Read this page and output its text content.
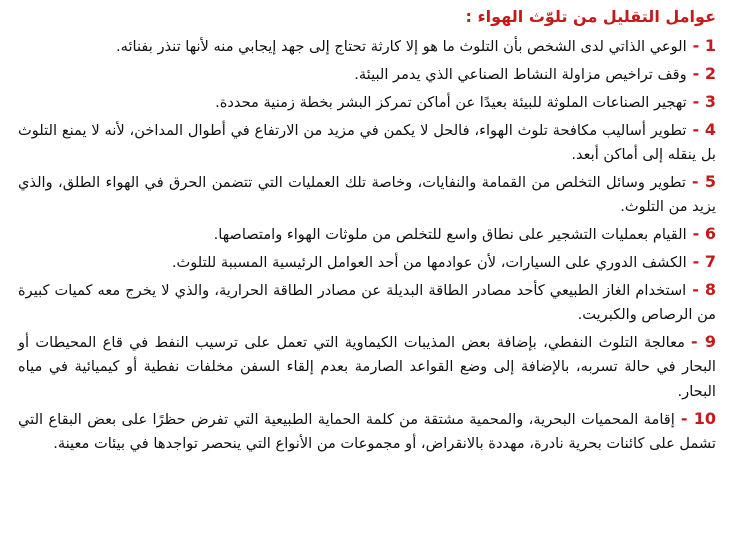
عوامل التقليل من تلوّث الهواء :
1 -الوعي الذاتي لدى الشخص بأن التلوث ما هو إلا كارثة تحتاج إلى جهد إيجابي منه لأنها تنذر بفنائه.
2 -وقف تراخيص مزاولة النشاط الصناعي الذي يدمر البيئة.
3 -تهجير الصناعات الملوثة للبيئة بعيدًا عن أماكن تمركز البشر بخطة زمنية محددة.
4 -تطوير أساليب مكافحة تلوث الهواء، فالحل لا يكمن في مزيد من الارتفاع في أطوال المداخن، لأنه لا يمنع التلوث بل ينقله إلى أماكن أبعد.
5 -تطوير وسائل التخلص من القمامة والنفايات، وخاصة تلك العمليات التي تتضمن الحرق في الهواء الطلق، والذي يزيد من التلوث.
6 -القيام بعمليات التشجير على نطاق واسع للتخلص من ملوثات الهواء وامتصاصها.
7 -الكشف الدوري على السيارات، لأن عوادمها من أحد العوامل الرئيسية المسببة للتلوث.
8 -استخدام الغاز الطبيعي كأحد مصادر الطاقة البديلة عن مصادر الطاقة الحرارية، والذي لا يخرج معه كميات كبيرة من الرصاص والكبريت.
9 -معالجة التلوث النفطي، بإضافة بعض المذيبات الكيماوية التي تعمل على ترسيب النفط في قاع المحيطات أو البحار في حالة تسربه، بالإضافة إلى وضع القواعد الصارمة بعدم إلقاء السفن مخلفات نفطية أو كيميائية في مياه البحار.
10 -إقامة المحميات البحرية، والمحمية مشتقة من كلمة الحماية الطبيعية التي تفرض حظرًا على بعض البقاع التي تشمل على كائنات بحرية نادرة، مهددة بالانقراض، أو مجموعات من الأنواع التي ينحصر تواجدها في بيئات معينة.
